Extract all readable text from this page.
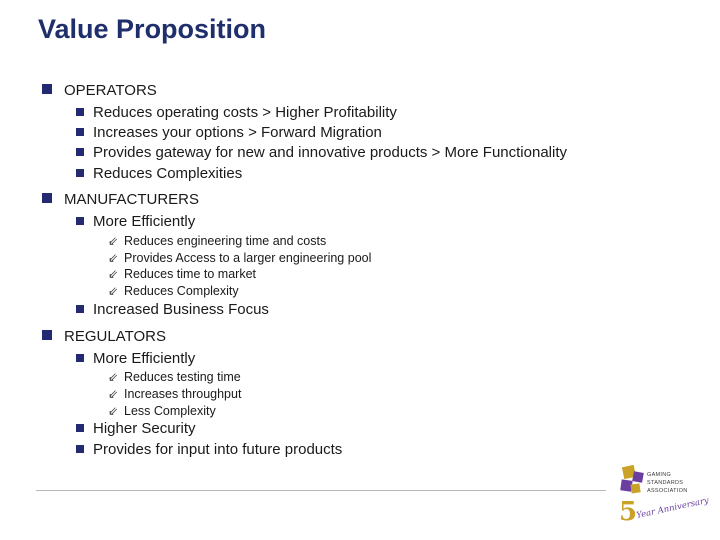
Value Proposition
OPERATORS
Reduces operating costs > Higher Profitability
Increases your options > Forward Migration
Provides gateway for new and innovative products > More Functionality
Reduces Complexities
MANUFACTURERS
More Efficiently
⇙ Reduces engineering time and costs
⇙ Provides Access to a larger engineering pool
⇙ Reduces time to market
⇙ Reduces Complexity
Increased Business Focus
REGULATORS
More Efficiently
⇙ Reduces testing time
⇙ Increases throughput
⇙ Less Complexity
Higher Security
Provides for input into future products
5
GAMING
STANDARDS
ASSOCIATION
Year Anniversary
